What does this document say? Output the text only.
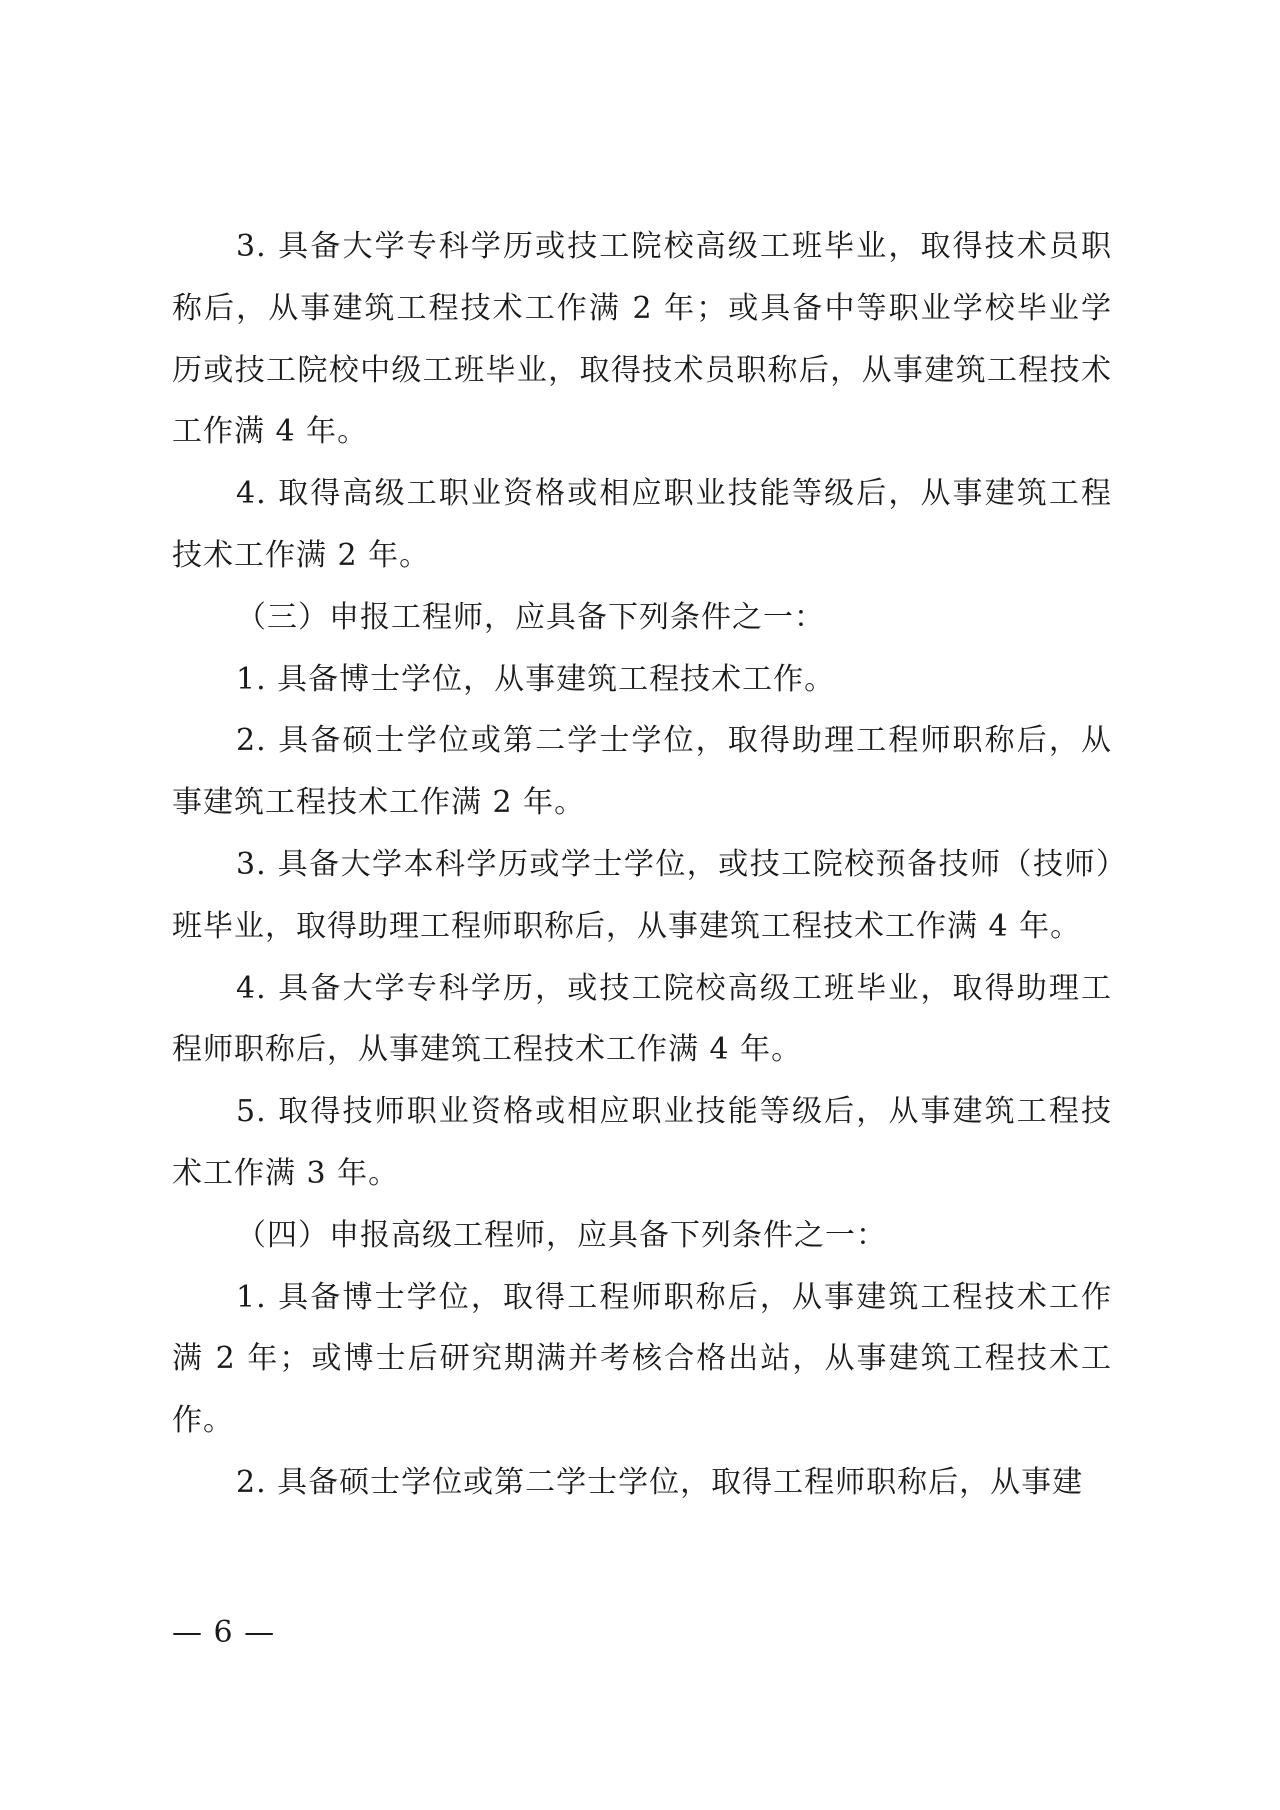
3. 具备大学专科学历或技工院校高级工班毕业，取得技术员职称后，从事建筑工程技术工作满 2 年；或具备中等职业学校毕业学历或技工院校中级工班毕业，取得技术员职称后，从事建筑工程技术工作满 4 年。

4. 取得高级工职业资格或相应职业技能等级后，从事建筑工程技术工作满 2 年。

（三）申报工程师，应具备下列条件之一：

1. 具备博士学位，从事建筑工程技术工作。

2. 具备硕士学位或第二学士学位，取得助理工程师职称后，从事建筑工程技术工作满 2 年。

3. 具备大学本科学历或学士学位，或技工院校预备技师（技师）班毕业，取得助理工程师职称后，从事建筑工程技术工作满 4 年。

4. 具备大学专科学历，或技工院校高级工班毕业，取得助理工程师职称后，从事建筑工程技术工作满 4 年。

5. 取得技师职业资格或相应职业技能等级后，从事建筑工程技术工作满 3 年。

（四）申报高级工程师，应具备下列条件之一：

1. 具备博士学位，取得工程师职称后，从事建筑工程技术工作满 2 年；或博士后研究期满并考核合格出站，从事建筑工程技术工作。

2. 具备硕士学位或第二学士学位，取得工程师职称后，从事建

— 6 —
